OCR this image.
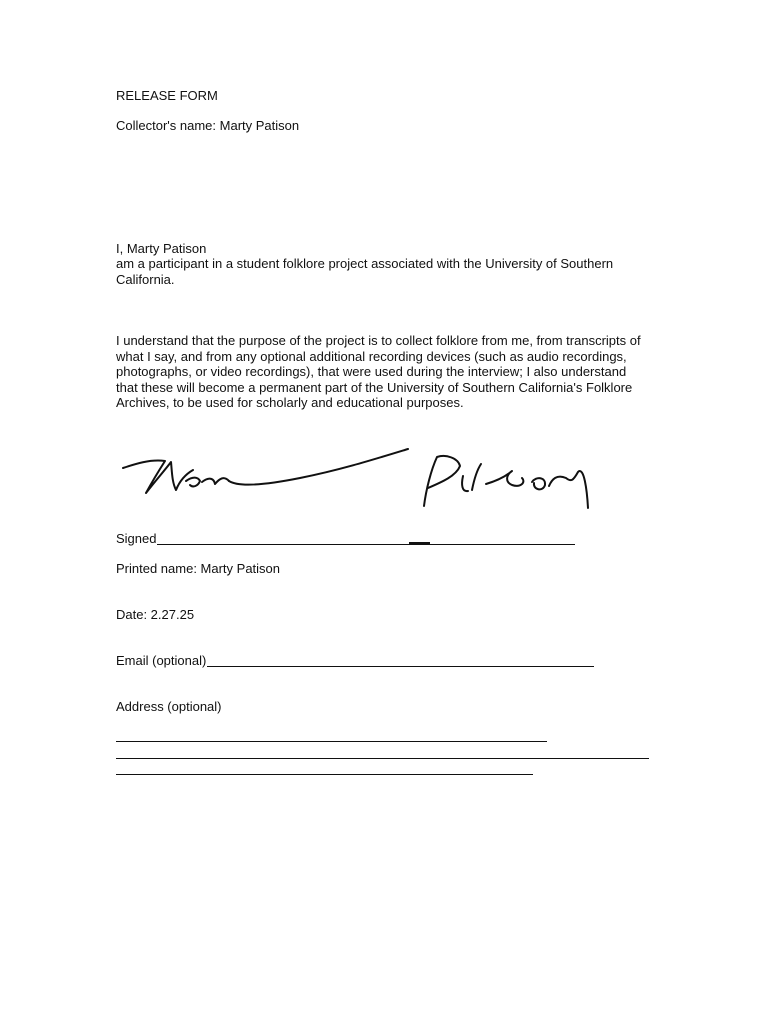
RELEASE FORM
Collector's name: Marty Patison
I, Marty Patison
am a participant in a student folklore project associated with the University of Southern
California.
I understand that the purpose of the project is to collect folklore from me, from transcripts of
what I say, and from any optional additional recording devices (such as audio recordings,
photographs, or video recordings), that were used during the interview; I also understand
that these will become a permanent part of the University of Southern California's Folklore
Archives, to be used for scholarly and educational purposes.
Signed
Printed name: Marty Patison
Date: 2.27.25
Email (optional)
Address (optional)
